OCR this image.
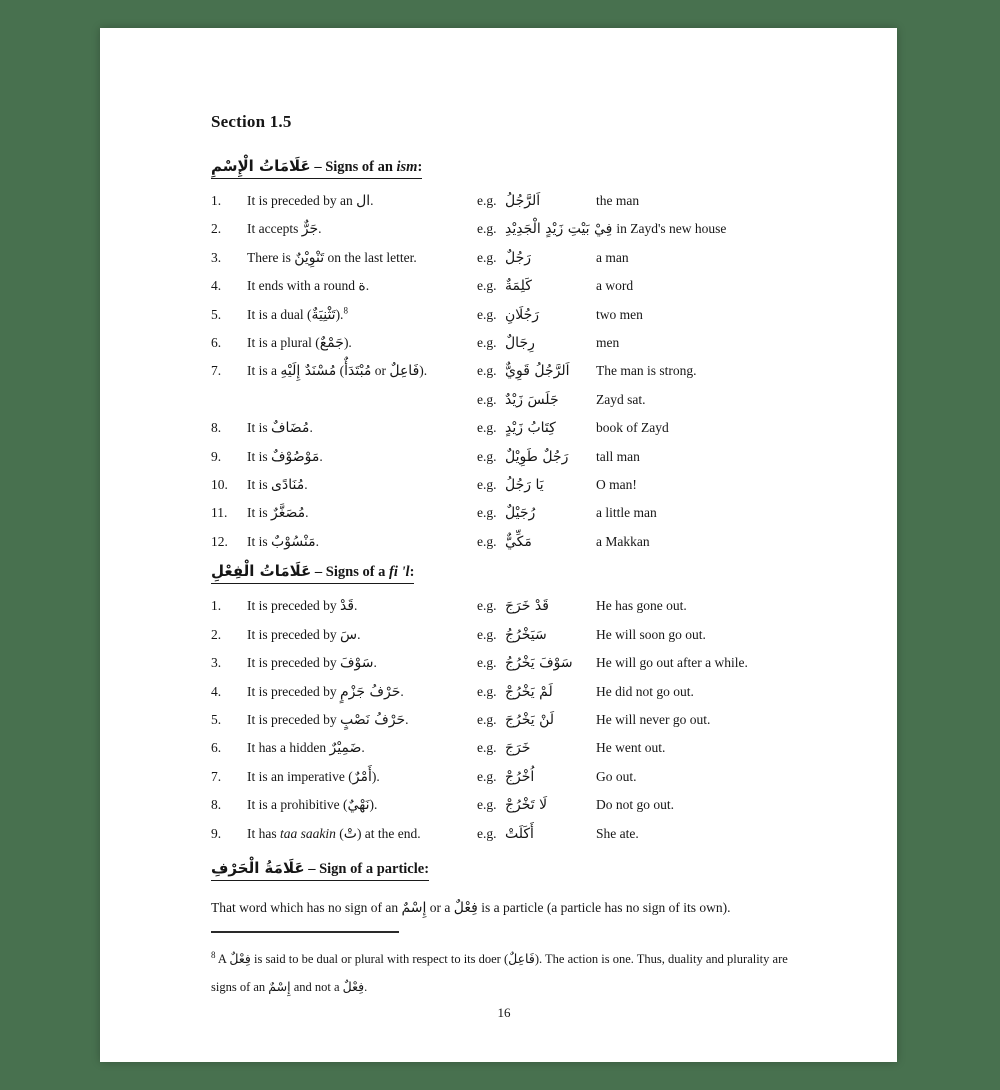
Section 1.5
عَلَامَاتُ الْإِسْمِ – Signs of an ism:
1.	It is preceded by an ال.	e.g. اَلرَّجُلُ	the man
2.	It accepts جَرٌّ.	e.g. فِيْ بَيْتِ زَيْدٍ الْجَدِيْدِ in Zayd's new house
3.	There is تَنْوِيْنٌ on the last letter.	e.g. رَجُلٌ	a man
4.	It ends with a round ة.	e.g. كَلِمَةٌ	a word
5.	It is a dual (تَثْنِيَةٌ).$^8$	e.g. رَجُلَانِ	two men
6.	It is a plural (جَمْعٌ).	e.g. رِجَالٌ	men
7.	It is a مُسْنَدٌ إِلَيْهِ (مُبْتَدَأٌ or فَاعِلٌ).	e.g. اَلرَّجُلُ قَوِيٌّ	The man is strong.
e.g. جَلَسَ زَيْدٌ	Zayd sat.
8.	It is مُضَافٌ.	e.g. كِتَابُ زَيْدٍ	book of Zayd
9.	It is مَوْصُوْفٌ.	e.g. رَجُلٌ طَوِيْلٌ	tall man
10.	It is مُنَادًى.	e.g. يَا رَجُلُ	O man!
11.	It is مُصَغَّرٌ.	e.g. رُجَيْلٌ	a little man
12.	It is مَنْسُوْبٌ.	e.g. مَكِّيٌّ	a Makkan
عَلَامَاتُ الْفِعْلِ – Signs of a fi 'l:
1.	It is preceded by قَدْ.	e.g. قَدْ خَرَجَ	He has gone out.
2.	It is preceded by سَ.	e.g. سَيَخْرُجُ	He will soon go out.
3.	It is preceded by سَوْفَ.	e.g. سَوْفَ يَخْرُجُ	He will go out after a while.
4.	It is preceded by حَرْفُ جَزْمٍ.	e.g. لَمْ يَخْرُجْ	He did not go out.
5.	It is preceded by حَرْفُ نَصْبٍ.	e.g. لَنْ يَخْرُجَ	He will never go out.
6.	It has a hidden ضَمِيْرٌ.	e.g. خَرَجَ	He went out.
7.	It is an imperative (أَمْرٌ).	e.g. اُخْرُجْ	Go out.
8.	It is a prohibitive (نَهْيٌ).	e.g. لَا تَخْرُجْ	Do not go out.
9.	It has taa saakin (تْ) at the end.	e.g. أَكَلَتْ	She ate.
عَلَامَةُ الْحَرْفِ – Sign of a particle:

That word which has no sign of an إِسْمٌ or a فِعْلٌ is a particle (a particle has no sign of its own).

$^8$ A فِعْلٌ is said to be dual or plural with respect to its doer (فَاعِلٌ). The action is one. Thus, duality and plurality are signs of an إِسْمٌ and not a فِعْلٌ.
16
